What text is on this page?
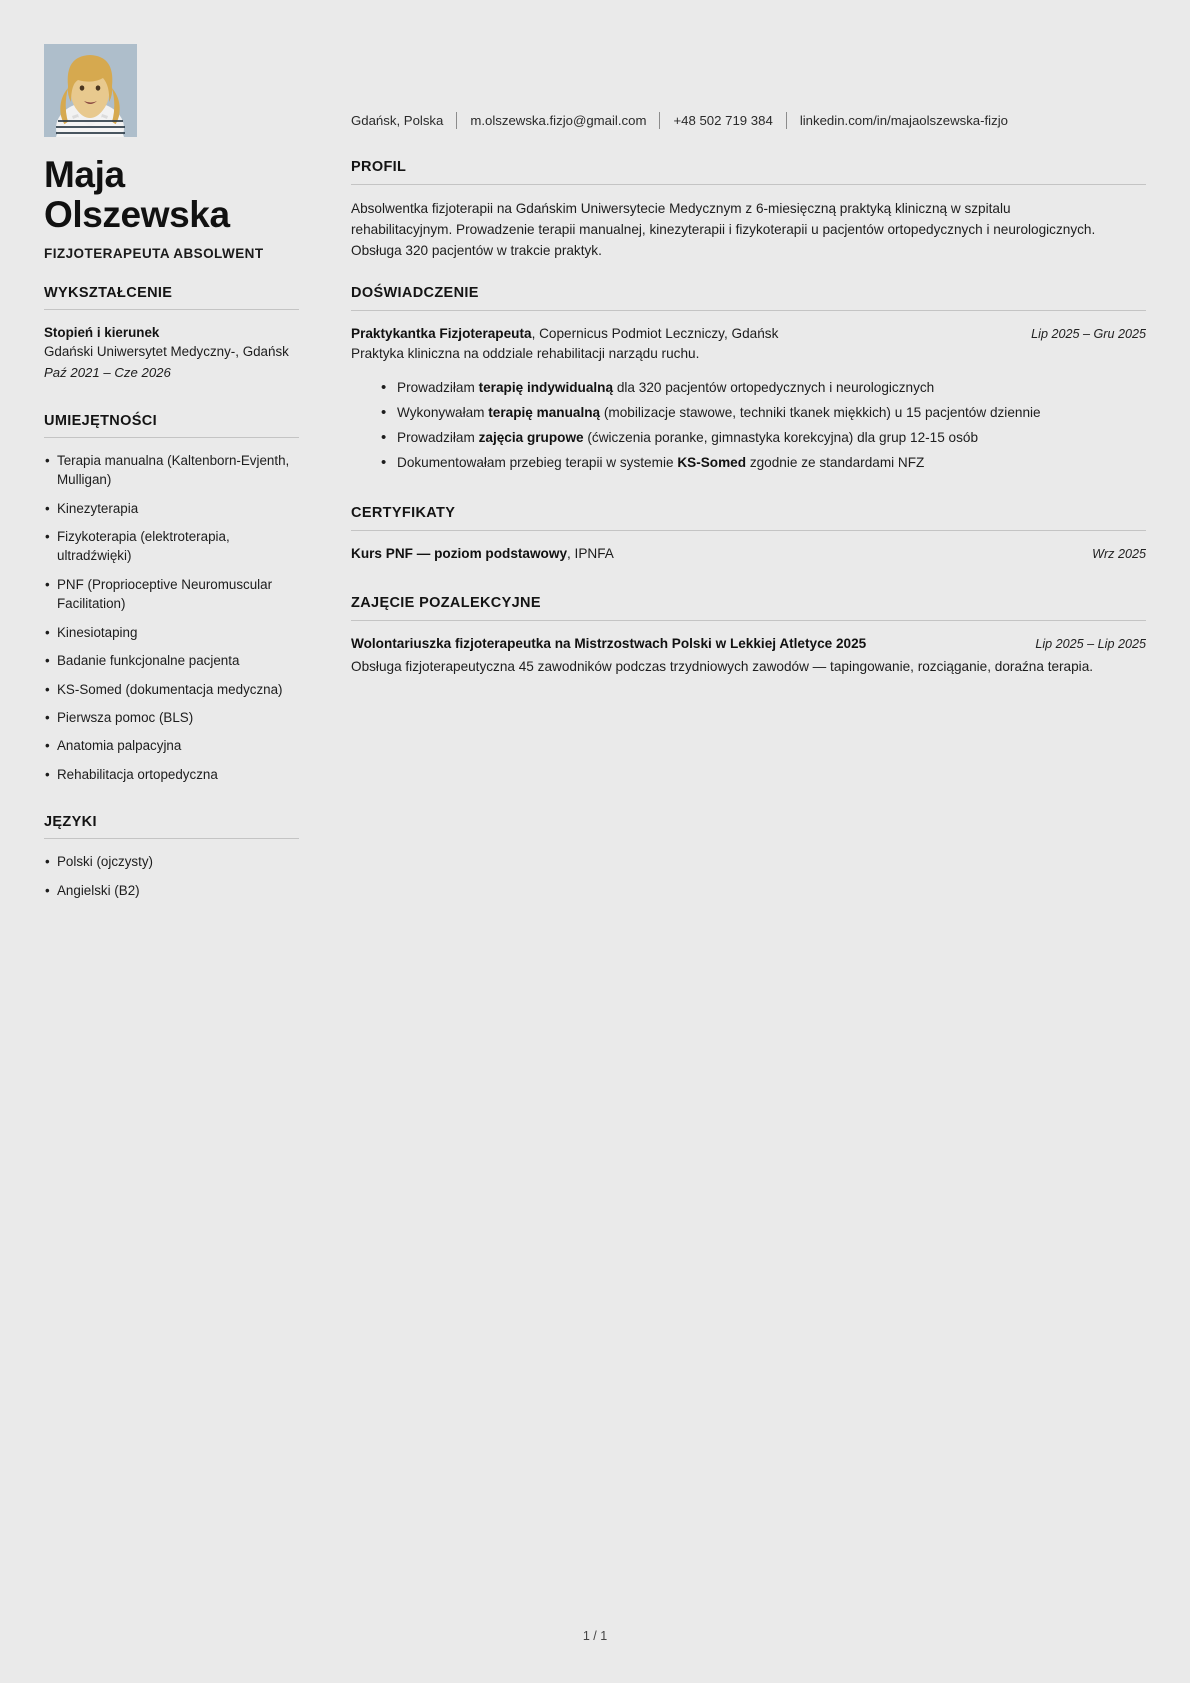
Maja
Olszewska
FIZJOTERAPEUTA ABSOLWENT
Gdańsk, Polska m.olszewska.fizjo@gmail.com +48 502 719 384 linkedin.com/in/majaolszewska-fizjo
PROFIL
Absolwentka fizjoterapii na Gdańskim Uniwersytecie Medycznym z 6-miesięczną praktyką kliniczną w szpitalu rehabilitacyjnym. Prowadzenie terapii manualnej, kinezyterapii i fizykoterapii u pacjentów ortopedycznych i neurologicznych. Obsługa 320 pacjentów w trakcie praktyk.
WYKSZTAŁCENIE
Stopień i kierunek
Gdański Uniwersytet Medyczny-, Gdańsk
Paź 2021 – Cze 2026
UMIEJĘTNOŚCI
• Terapia manualna (Kaltenborn-Evjenth, Mulligan)
• Kinezyterapia
• Fizykoterapia (elektroterapia, ultradźwięki)
• PNF (Proprioceptive Neuromuscular Facilitation)
• Kinesiotaping
• Badanie funkcjonalne pacjenta
• KS-Somed (dokumentacja medyczna)
• Pierwsza pomoc (BLS)
• Anatomia palpacyjna
• Rehabilitacja ortopedyczna
JĘZYKI
• Polski (ojczysty)
• Angielski (B2)
DOŚWIADCZENIE
Praktykantka Fizjoterapeuta, Copernicus Podmiot Leczniczy, Gdańsk	Lip 2025 – Gru 2025
Praktyka kliniczna na oddziale rehabilitacji narządu ruchu.
• Prowadziłam terapię indywidualną dla 320 pacjentów ortopedycznych i neurologicznych
• Wykonywałam terapię manualną (mobilizacje stawowe, techniki tkanek miękkich) u 15 pacjentów dziennie
• Prowadziłam zajęcia grupowe (ćwiczenia poranke, gimnastyka korekcyjna) dla grup 12-15 osób
• Dokumentowałam przebieg terapii w systemie KS-Somed zgodnie ze standardami NFZ
CERTYFIKATY
Kurs PNF — poziom podstawowy, IPNFA	Wrz 2025
ZAJĘCIE POZALEKCYJNE
Wolontariuszka fizjoterapeutka na Mistrzostwach Polski w Lekkiej Atletyce 2025	Lip 2025 – Lip 2025
Obsługa fizjoterapeutyczna 45 zawodników podczas trzydniowych zawodów — tapingowanie, rozciąganie, doraźna terapia.
1 / 1
